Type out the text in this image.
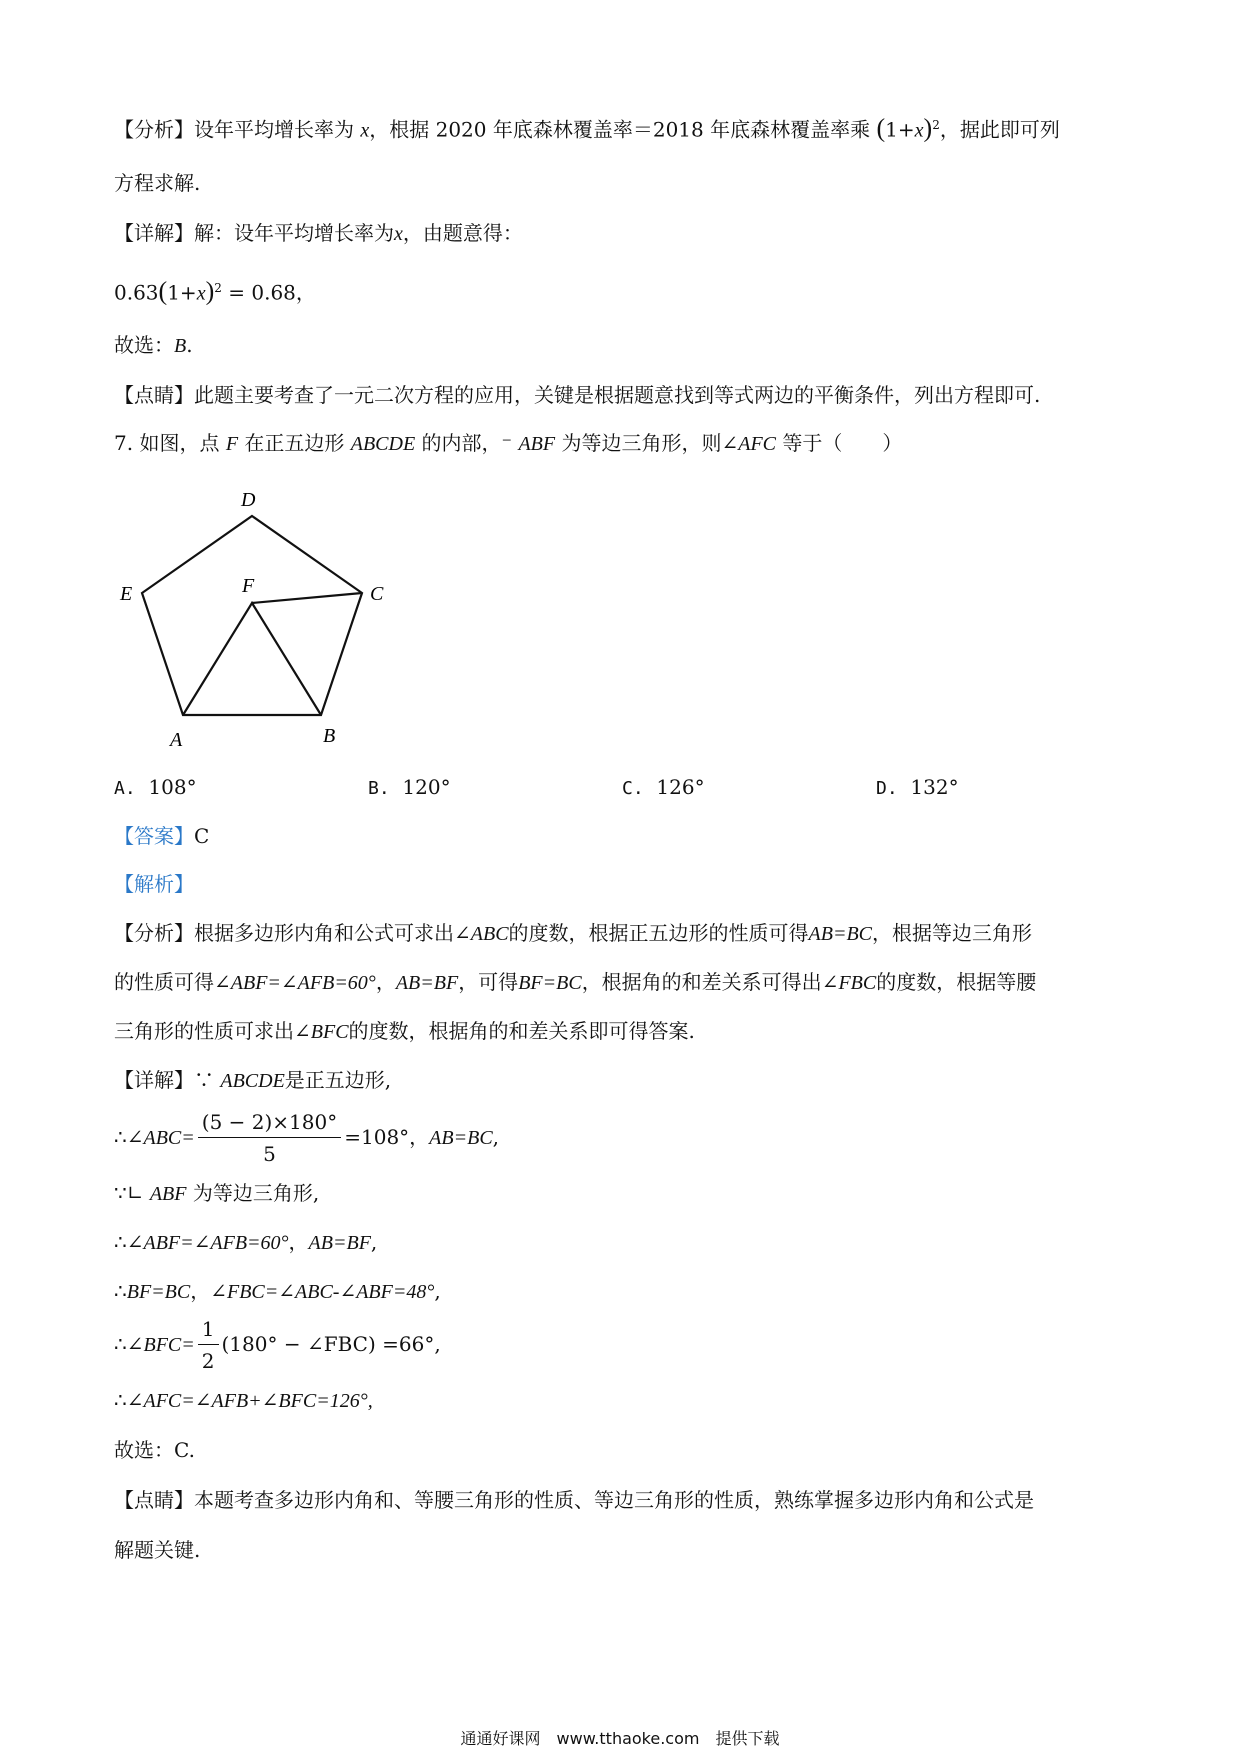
【分析】设年平均增长率为 x，根据 2020 年底森林覆盖率＝2018 年底森林覆盖率乘 $(1+x)^2$，据此即可列
方程求解.
【详解】解：设年平均增长率为x，由题意得：
$0.63(1+x)^2 = 0.68$，
故选：B.
【点睛】此题主要考查了一元二次方程的应用，关键是根据题意找到等式两边的平衡条件，列出方程即可.
7. 如图，点 F 在正五边形 ABCDE 的内部，⁻ ABF 为等边三角形，则∠AFC 等于（　　）
D
E	F	C
A	B
A. 108°	B. 120°	C. 126°	D. 132°
【答案】C
【解析】
【分析】根据多边形内角和公式可求出∠ABC的度数，根据正五边形的性质可得AB=BC，根据等边三角形
的性质可得∠ABF=∠AFB=60°，AB=BF，可得BF=BC，根据角的和差关系可得出∠FBC的度数，根据等腰
三角形的性质可求出∠BFC的度数，根据角的和差关系即可得答案.
【详解】∵ ABCDE是正五边形,
∴∠ABC= $\frac{(5 - 2)\times 180^\circ}{5} =108^\circ$，AB=BC,
∵∟ ABF 为等边三角形,
∴∠ABF=∠AFB=60°，AB=BF,
∴BF=BC，∠FBC=∠ABC-∠ABF=48°,
∴∠BFC= $\frac{1}{2} (180^\circ$ − ∠FBC) =66°,
∴∠AFC=∠AFB+∠BFC=126°,
故选：C.
【点睛】本题考查多边形内角和、等腰三角形的性质、等边三角形的性质，熟练掌握多边形内角和公式是
解题关键.
通通好课网　www.tthaoke.com　提供下载
